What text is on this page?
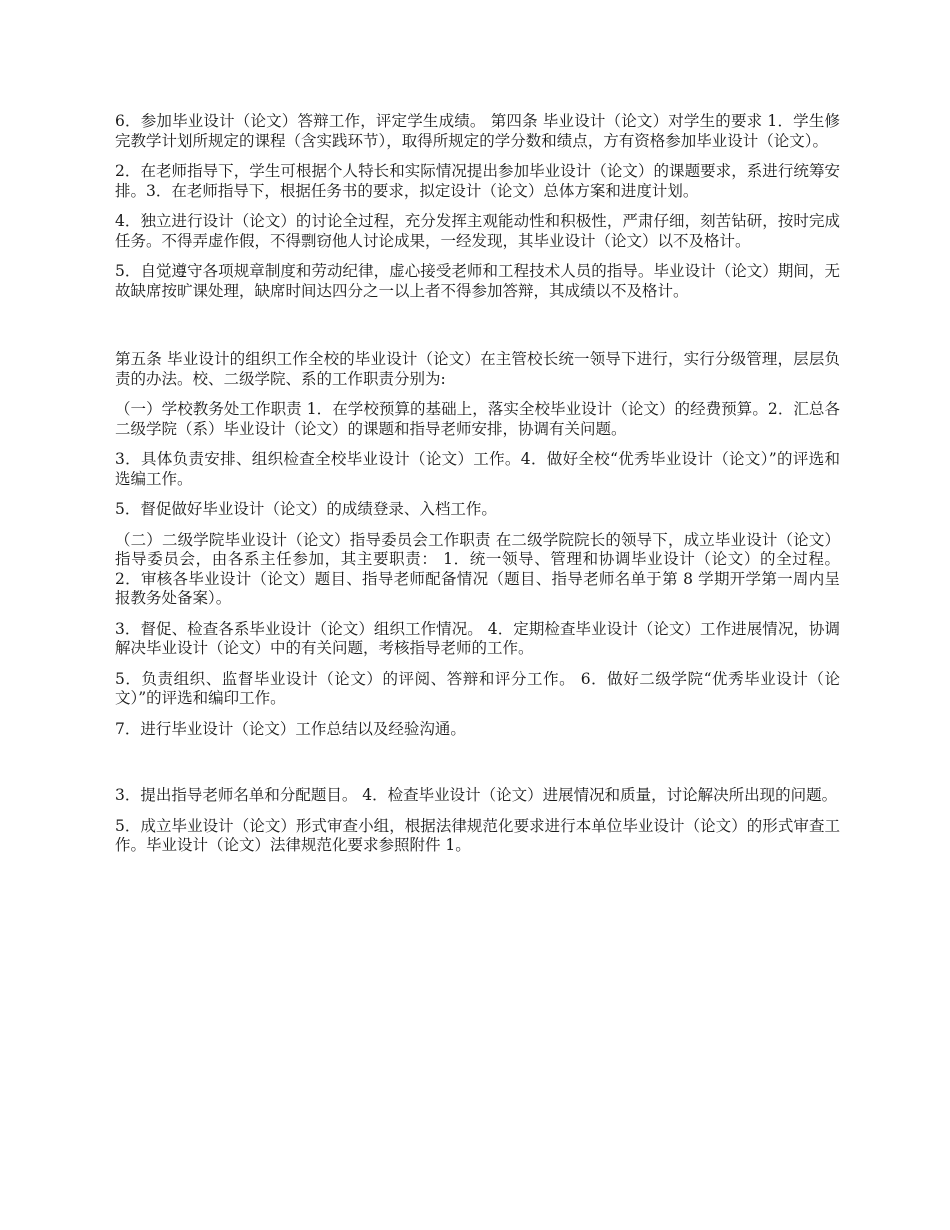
6．参加毕业设计（论文）答辩工作，评定学生成绩。 第四条 毕业设计（论文）对学生的要求 1．学生修完教学计划所规定的课程（含实践环节），取得所规定的学分数和绩点，方有资格参加毕业设计（论文）。

2．在老师指导下，学生可根据个人特长和实际情况提出参加毕业设计（论文）的课题要求，系进行统筹安排。3．在老师指导下，根据任务书的要求，拟定设计（论文）总体方案和进度计划。

4．独立进行设计（论文）的讨论全过程，充分发挥主观能动性和积极性，严肃仔细，刻苦钻研，按时完成任务。不得弄虚作假，不得剽窃他人讨论成果，一经发现，其毕业设计（论文）以不及格计。

5．自觉遵守各项规章制度和劳动纪律，虚心接受老师和工程技术人员的指导。毕业设计（论文）期间，无故缺席按旷课处理，缺席时间达四分之一以上者不得参加答辩，其成绩以不及格计。

第五条 毕业设计的组织工作全校的毕业设计（论文）在主管校长统一领导下进行，实行分级管理，层层负责的办法。校、二级学院、系的工作职责分别为:

（一）学校教务处工作职责 1．在学校预算的基础上，落实全校毕业设计（论文）的经费预算。2．汇总各二级学院（系）毕业设计（论文）的课题和指导老师安排，协调有关问题。

3．具体负责安排、组织检查全校毕业设计（论文）工作。4．做好全校“优秀毕业设计（论文）”的评选和选编工作。

5．督促做好毕业设计（论文）的成绩登录、入档工作。

（二）二级学院毕业设计（论文）指导委员会工作职责 在二级学院院长的领导下，成立毕业设计（论文）指导委员会，由各系主任参加，其主要职责： 1．统一领导、管理和协调毕业设计（论文）的全过程。 2．审核各毕业设计（论文）题目、指导老师配备情况（题目、指导老师名单于第 8 学期开学第一周内呈报教务处备案）。

3．督促、检查各系毕业设计（论文）组织工作情况。 4．定期检查毕业设计（论文）工作进展情况，协调解决毕业设计（论文）中的有关问题，考核指导老师的工作。

5．负责组织、监督毕业设计（论文）的评阅、答辩和评分工作。 6．做好二级学院“优秀毕业设计（论文）”的评选和编印工作。

7．进行毕业设计（论文）工作总结以及经验沟通。

3．提出指导老师名单和分配题目。 4．检查毕业设计（论文）进展情况和质量，讨论解决所出现的问题。

5．成立毕业设计（论文）形式审查小组，根据法律规范化要求进行本单位毕业设计（论文）的形式审查工作。毕业设计（论文）法律规范化要求参照附件 1。
